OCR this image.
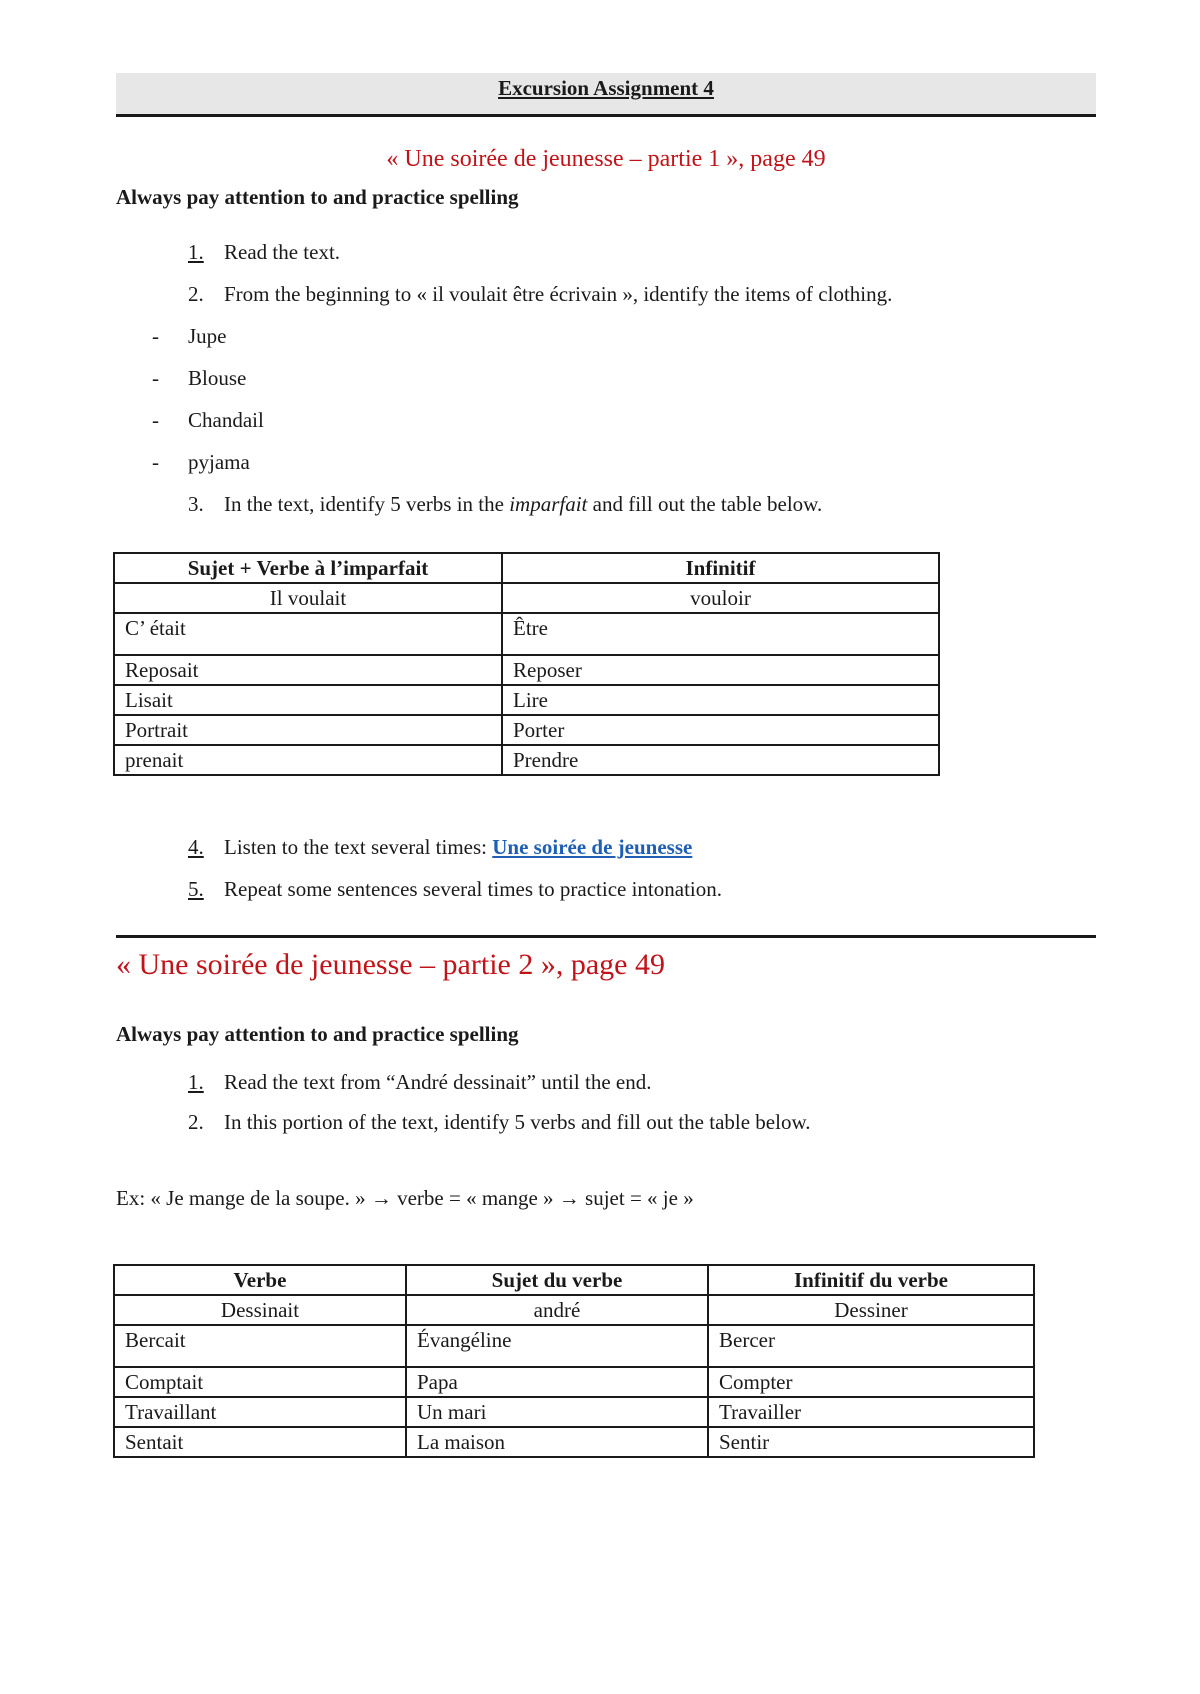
Excursion Assignment 4
« Une soirée de jeunesse – partie 1 », page 49
Always pay attention to and practice spelling
1. Read the text.
2. From the beginning to « il voulait être écrivain », identify the items of clothing.
- Jupe
- Blouse
- Chandail
- pyjama
3. In the text, identify 5 verbs in the imparfait and fill out the table below.
Sujet + Verbe à l’imparfait	Infinitif
Il voulait	vouloir
C’ était	Être
Reposait	Reposer
Lisait	Lire
Portrait	Porter
prenait	Prendre
4. Listen to the text several times: Une soirée de jeunesse
5. Repeat some sentences several times to practice intonation.
« Une soirée de jeunesse – partie 2 », page 49
Always pay attention to and practice spelling
1. Read the text from “André dessinait” until the end.
2. In this portion of the text, identify 5 verbs and fill out the table below.
Ex: « Je mange de la soupe. » → verbe = « mange » → sujet = « je »
Verbe	Sujet du verbe	Infinitif du verbe
Dessinait	andré	Dessiner
Bercait	Évangéline	Bercer
Comptait	Papa	Compter
Travaillant	Un mari	Travailler
Sentait	La maison	Sentir
